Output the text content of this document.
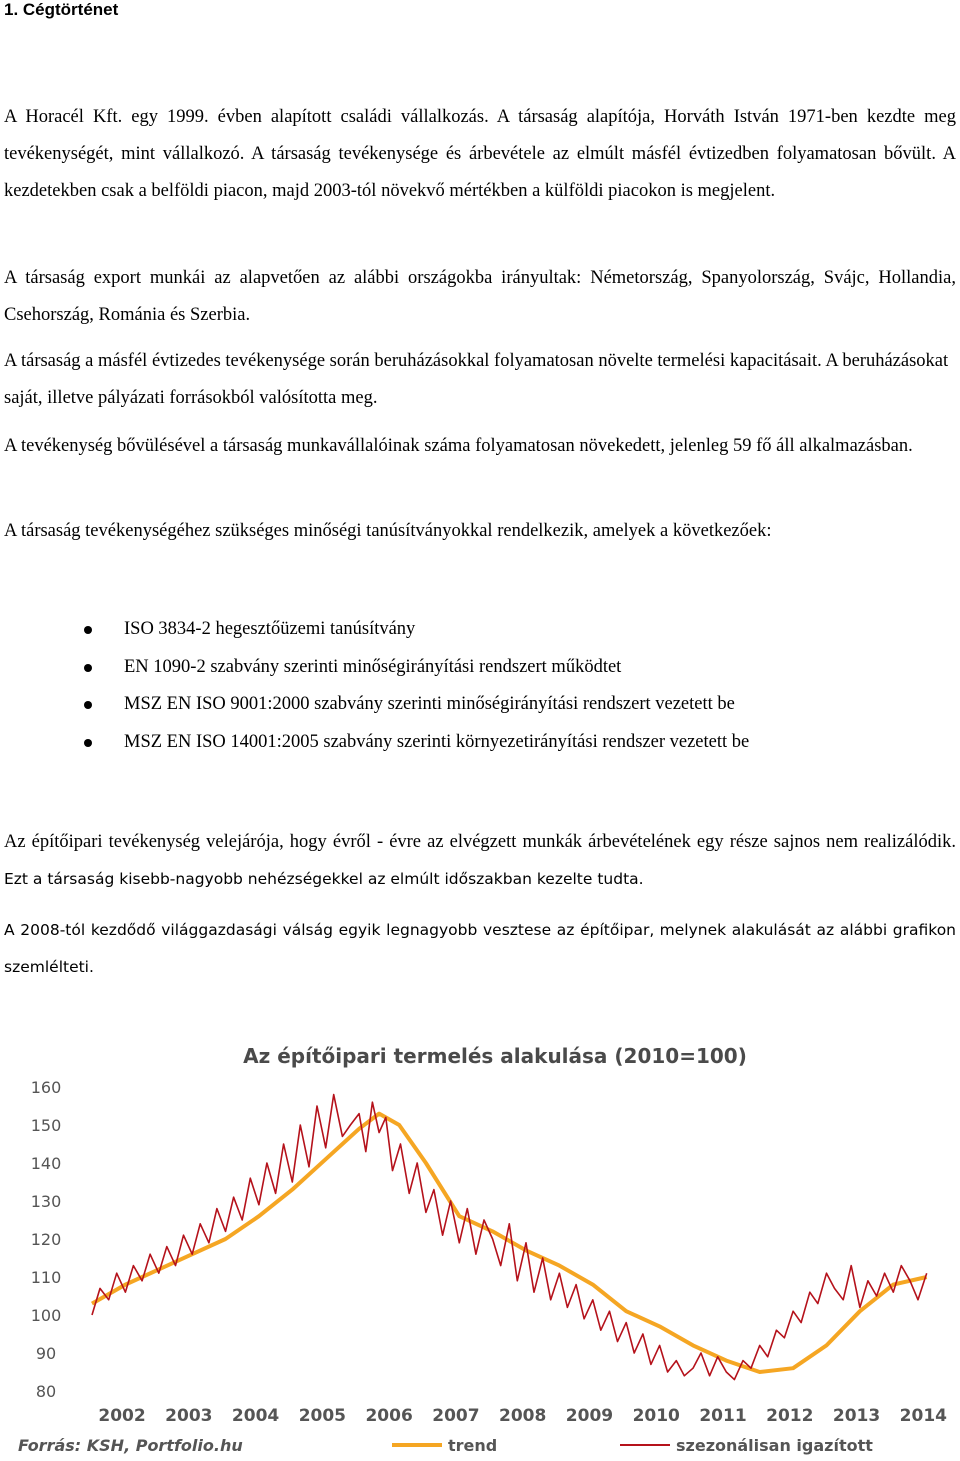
1. Cégtörténet

A Horacél Kft. egy 1999. évben alapított családi vállalkozás. A társaság alapítója, Horváth István 1971-ben kezdte meg tevékenységét, mint vállalkozó. A társaság tevékenysége és árbevétele az elmúlt másfél évtizedben folyamatosan bővült. A kezdetekben csak a belföldi piacon, majd 2003-tól növekvő mértékben a külföldi piacokon is megjelent.

A társaság export munkái az alapvetően az alábbi országokba irányultak: Németország, Spanyolország, Svájc, Hollandia, Csehország, Románia és Szerbia.

A társaság a másfél évtizedes tevékenysége során beruházásokkal folyamatosan növelte termelési kapacitásait. A beruházásokat saját, illetve pályázati forrásokból valósította meg.

A tevékenység bővülésével a társaság munkavállalóinak száma folyamatosan növekedett, jelenleg 59 fő áll alkalmazásban.

A társaság tevékenységéhez szükséges minőségi tanúsítványokkal rendelkezik, amelyek a következőek:

ISO 3834-2 hegesztőüzemi tanúsítvány
EN 1090-2 szabvány szerinti minőségirányítási rendszert működtet
MSZ EN ISO 9001:2000 szabvány szerinti minőségirányítási rendszert vezetett be
MSZ EN ISO 14001:2005 szabvány szerinti környezetirányítási rendszer vezetett be

Az építőipari tevékenység velejárója, hogy évről - évre az elvégzett munkák árbevételének egy része sajnos nem realizálódik. Ezt a társaság kisebb-nagyobb nehézségekkel az elmúlt időszakban kezelte tudta.

A 2008-tól kezdődő világgazdasági válság egyik legnagyobb vesztese az építőipar, melynek alakulását az alábbi grafikon szemlélteti.

Az építőipari termelés alakulása (2010=100)
80
90
100
110
120
130
140
150
160
2002 2003 2004 2005 2006 2007 2008 2009 2010 2011 2012 2013 2014
Forrás: KSH, Portfolio.hu	trend	szezonálisan igazított
